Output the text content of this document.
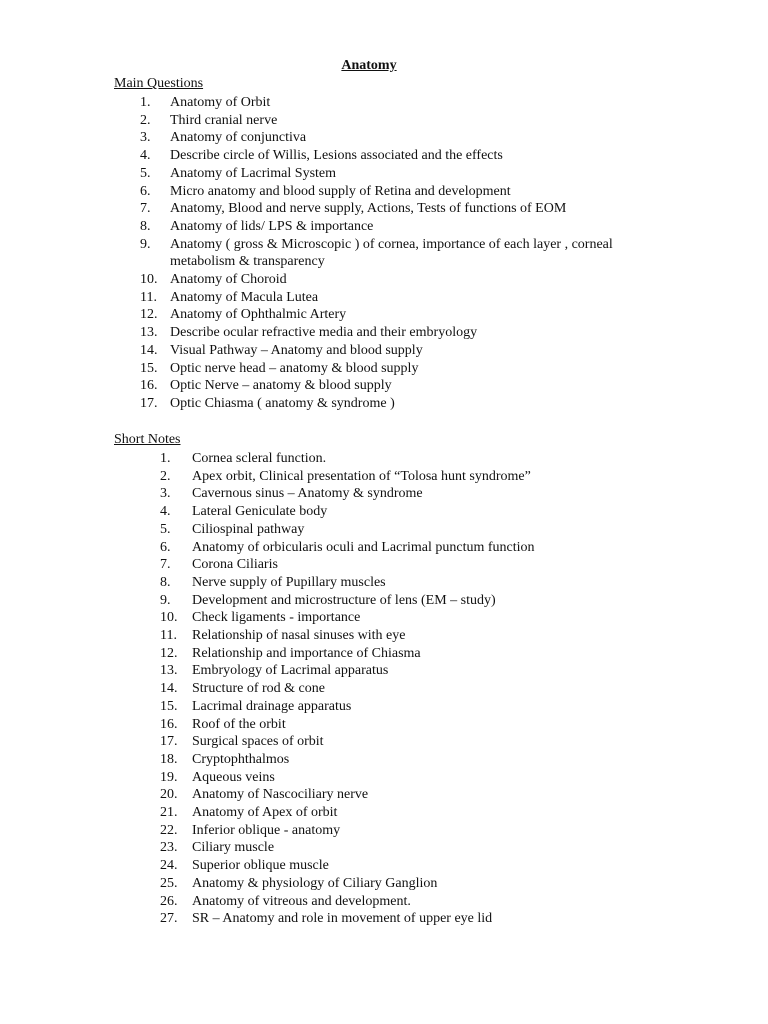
Anatomy
Main Questions
1. Anatomy of Orbit
2. Third cranial nerve
3. Anatomy of conjunctiva
4. Describe circle of Willis, Lesions associated and the effects
5. Anatomy of Lacrimal System
6. Micro anatomy and blood supply of Retina and development
7. Anatomy, Blood and nerve supply, Actions, Tests of functions of EOM
8. Anatomy of lids/ LPS & importance
9. Anatomy ( gross & Microscopic ) of cornea, importance of each layer , corneal metabolism & transparency
10. Anatomy of Choroid
11. Anatomy of Macula Lutea
12. Anatomy of Ophthalmic Artery
13. Describe ocular refractive media and their embryology
14. Visual Pathway – Anatomy and blood supply
15. Optic nerve head – anatomy & blood supply
16. Optic Nerve – anatomy & blood supply
17. Optic Chiasma ( anatomy & syndrome )
Short Notes
1. Cornea scleral function.
2. Apex orbit, Clinical presentation of “Tolosa hunt syndrome”
3. Cavernous sinus – Anatomy & syndrome
4. Lateral Geniculate body
5. Ciliospinal pathway
6. Anatomy of orbicularis oculi and Lacrimal punctum function
7. Corona Ciliaris
8. Nerve supply of Pupillary muscles
9. Development and microstructure of lens (EM – study)
10. Check ligaments - importance
11. Relationship of nasal sinuses with eye
12. Relationship and importance of Chiasma
13. Embryology of Lacrimal apparatus
14. Structure of rod & cone
15. Lacrimal drainage apparatus
16. Roof of the orbit
17. Surgical spaces of orbit
18. Cryptophthalmos
19. Aqueous veins
20. Anatomy of Nascociliary nerve
21. Anatomy of Apex of orbit
22. Inferior oblique - anatomy
23. Ciliary muscle
24. Superior oblique muscle
25. Anatomy & physiology of Ciliary Ganglion
26. Anatomy of vitreous and development.
27. SR – Anatomy and role in movement of upper eye lid
